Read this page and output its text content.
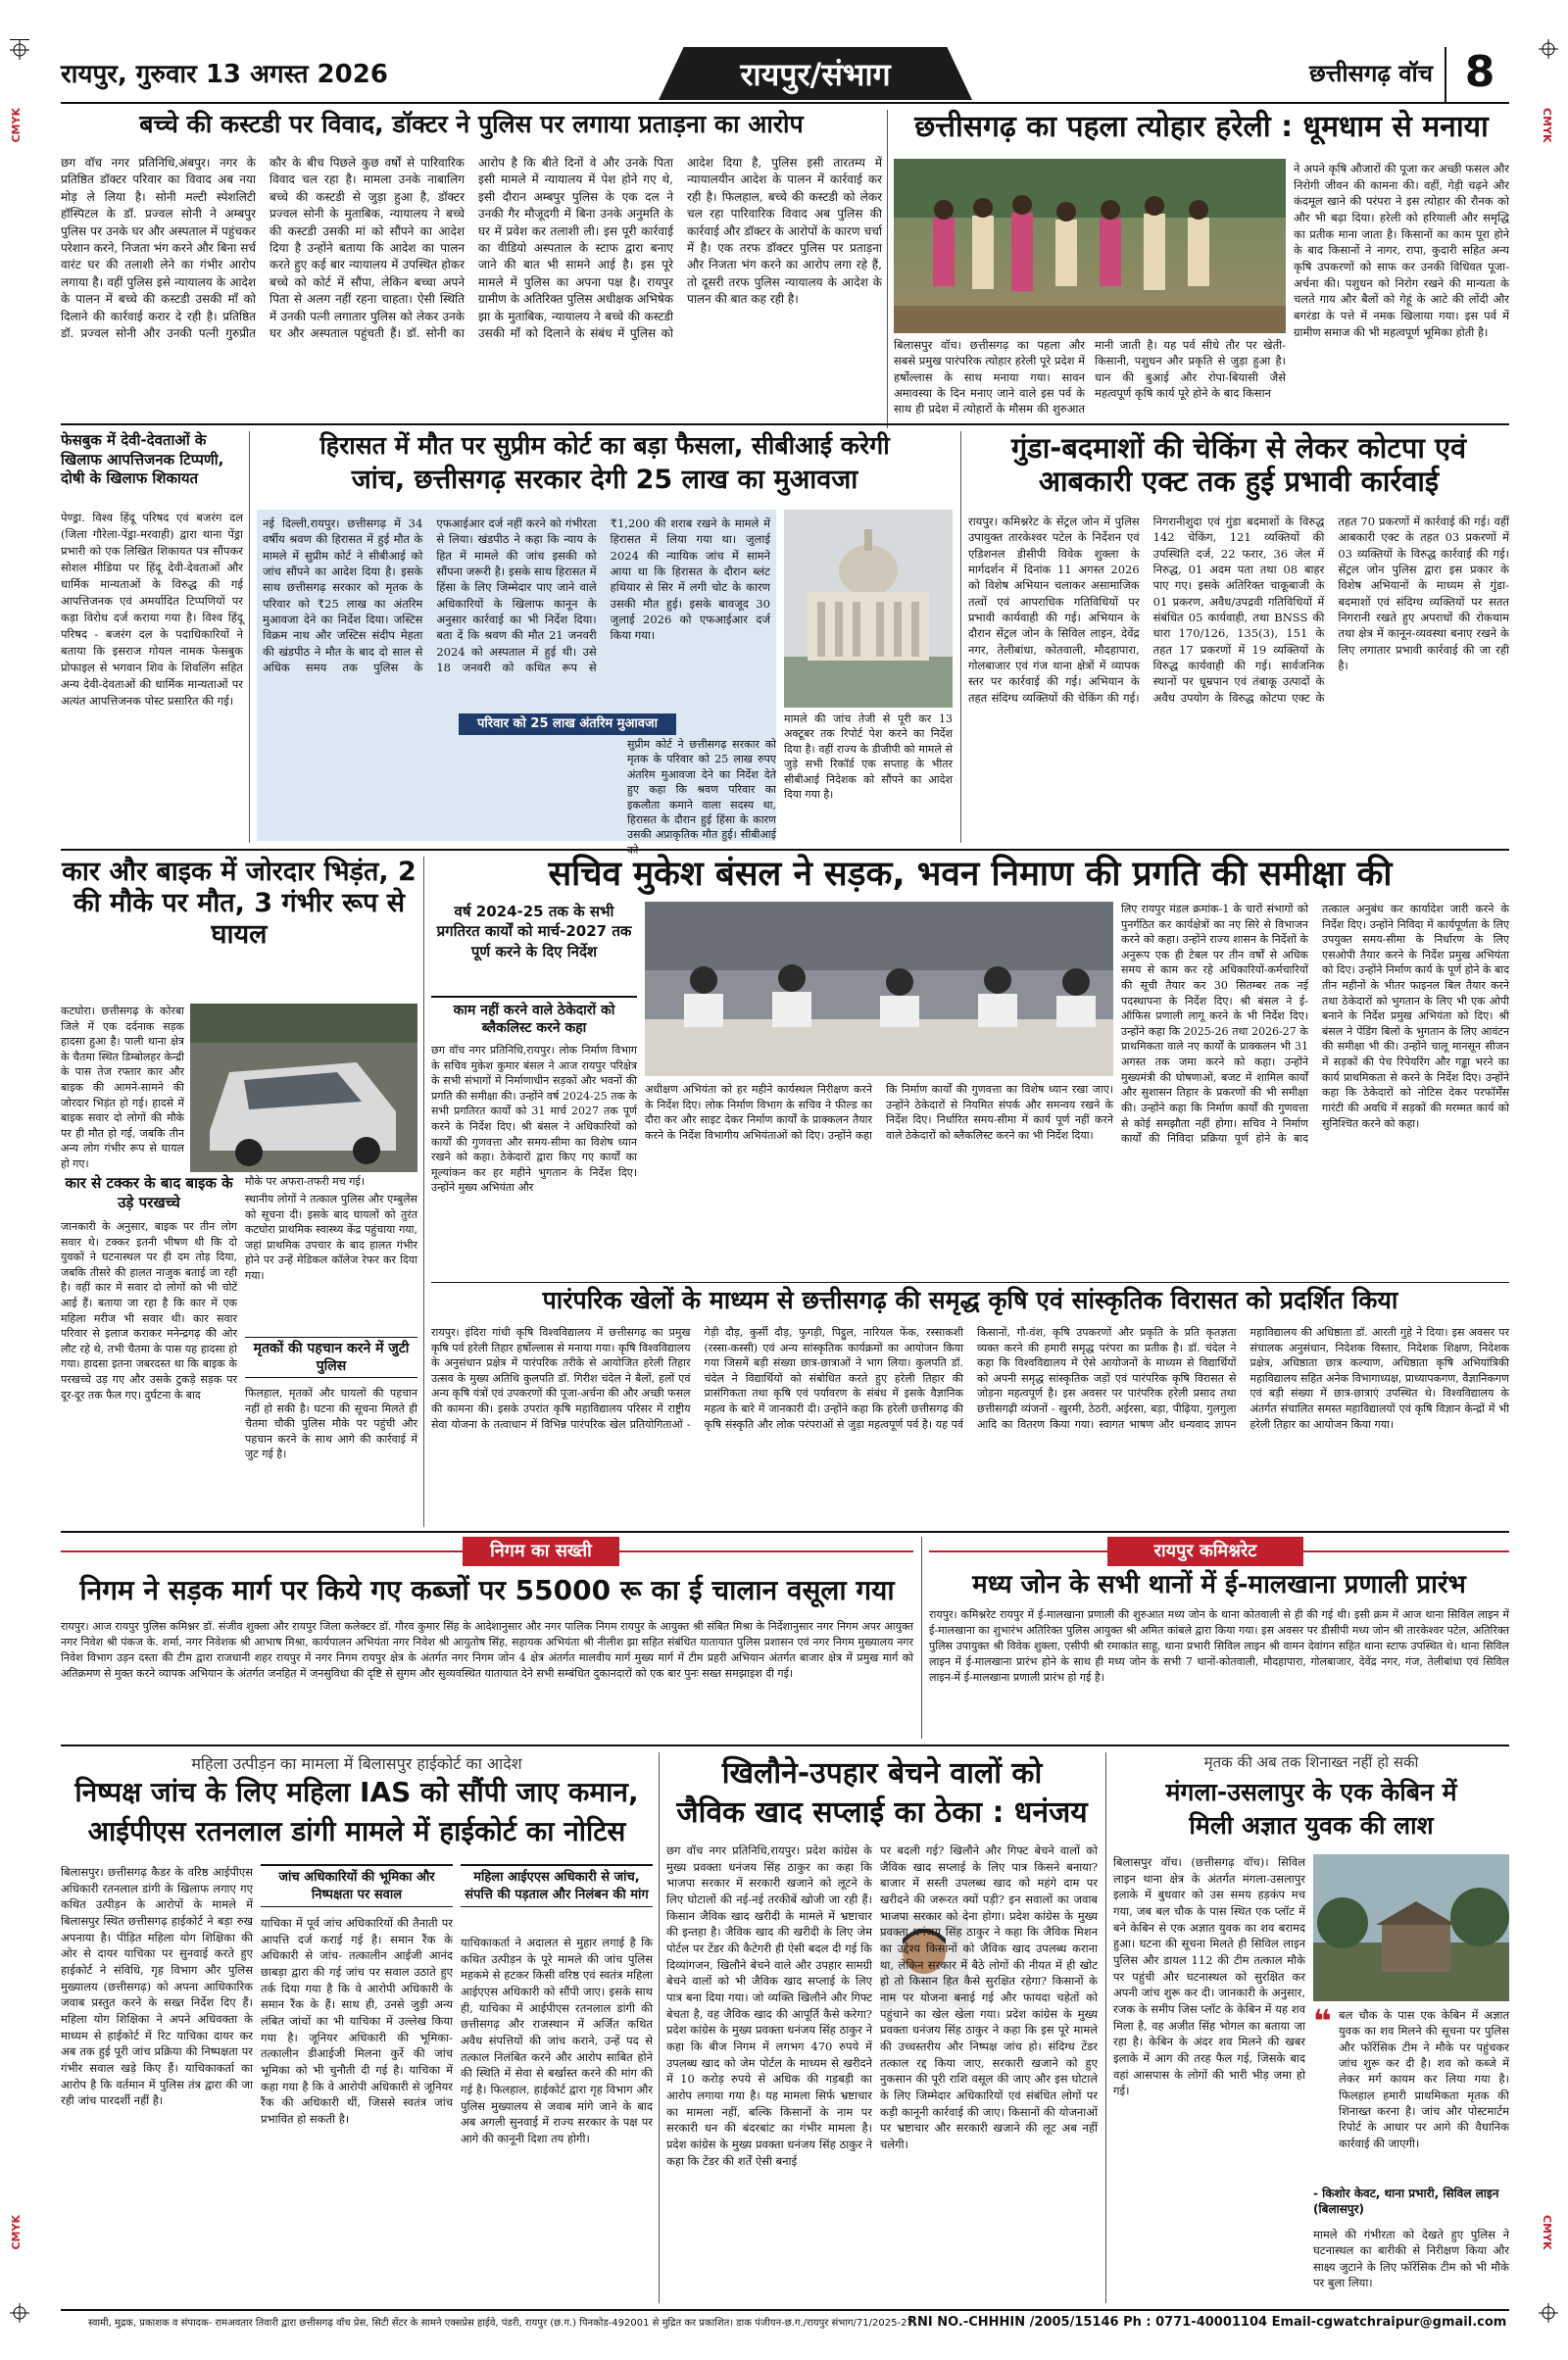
CMYK
CMYK
CMYK
CMYK
रायपुर, गुरुवार 13 अगस्त 2026	रायपुर/संभाग	छत्तीसगढ़ वॉच 8
बच्चे की कस्टडी पर विवाद, डॉक्टर ने पुलिस पर लगाया प्रताड़ना का आरोप
छग वॉच नगर प्रतिनिधि,अंबपुर। नगर के प्रतिष्ठित डॉक्टर परिवार का विवाद अब नया मोड़ ले लिया है। सोनी मल्टी स्पेशलिटी हॉस्पिटल के डॉ. प्रज्वल सोनी ने अम्बपुर पुलिस पर उनके घर और अस्पताल में पहुंचकर परेशान करने, निजता भंग करने और बिना सर्च वारंट घर की तलाशी लेने का गंभीर आरोप लगाया है। वहीं पुलिस इसे न्यायालय के आदेश के पालन में बच्चे की कस्टडी उसकी माँ को दिलाने की कार्रवाई करार दे रही है। प्रतिष्ठित डॉ. प्रज्वल सोनी और उनकी पत्नी गुरुप्रीत कौर के बीच पिछले कुछ वर्षों से पारिवारिक विवाद चल रहा है। मामला उनके नाबालिग बच्चे की कस्टडी से जुड़ा हुआ है, डॉक्टर प्रज्वल सोनी के मुताबिक, न्यायालय ने बच्चे की कस्टडी उसकी मां को सौंपने का आदेश दिया है उन्होंने बताया कि आदेश का पालन करते हुए कई बार न्यायालय में उपस्थित होकर बच्चे को कोर्ट में सौंपा, लेकिन बच्चा अपने पिता से अलग नहीं रहना चाहता। ऐसी स्थिति में उनकी पत्नी लगातार पुलिस को लेकर उनके घर और अस्पताल पहुंचती हैं। डॉ. सोनी का आरोप है कि बीते दिनों वे और उनके पिता इसी मामले में न्यायालय में पेश होने गए थे, इसी दौरान अम्बपुर पुलिस के एक दल ने उनकी गैर मौजूदगी में बिना उनके अनुमति के घर में प्रवेश कर तलाशी ली। इस पूरी कार्रवाई का वीडियो अस्पताल के स्टाफ द्वारा बनाए जाने की बात भी सामने आई है। इस पूरे मामले में पुलिस का अपना पक्ष है। रायपुर ग्रामीण के अतिरिक्त पुलिस अधीक्षक अभिषेक झा के मुताबिक, न्यायालय ने बच्चे की कस्टडी उसकी माँ को दिलाने के संबंध में पुलिस को आदेश दिया है, पुलिस इसी तारतम्य में न्यायालयीन आदेश के पालन में कार्रवाई कर रही है। फिलहाल, बच्चे की कस्टडी को लेकर चल रहा पारिवारिक विवाद अब पुलिस की कार्रवाई और डॉक्टर के आरोपों के कारण चर्चा में है। एक तरफ डॉक्टर पुलिस पर प्रताड़ना और निजता भंग करने का आरोप लगा रहे हैं, तो दूसरी तरफ पुलिस न्यायालय के आदेश के पालन की बात कह रही है।
छत्तीसगढ़ का पहला त्योहार हरेली : धूमधाम से मनाया
बिलासपुर वॉच। छत्तीसगढ़ का पहला और सबसे प्रमुख पारंपरिक त्योहार हरेली पूरे प्रदेश में हर्षोल्लास के साथ मनाया गया। सावन अमावस्या के दिन मनाए जाने वाले इस पर्व के साथ ही प्रदेश में त्योहारों के मौसम की शुरुआत मानी जाती है। यह पर्व सीधे तौर पर खेती-किसानी, पशुधन और प्रकृति से जुड़ा हुआ है। धान की बुआई और रोपा-बियासी जैसे महत्वपूर्ण कृषि कार्य पूरे होने के बाद किसान
ने अपने कृषि औजारों की पूजा कर अच्छी फसल और निरोगी जीवन की कामना की। वहीं, गेड़ी चढ़ने और कंदमूल खाने की परंपरा ने इस त्योहार की रौनक को और भी बढ़ा दिया। हरेली को हरियाली और समृद्धि का प्रतीक माना जाता है। किसानों का काम पूरा होने के बाद किसानों ने नागर, रापा, कुदारी सहित अन्य कृषि उपकरणों को साफ कर उनकी विधिवत पूजा-अर्चना की। पशुधन को निरोग रखने की मान्यता के चलते गाय और बैलों को गेहूं के आटे की लोंदी और बगरंडा के पत्ते में नमक खिलाया गया। इस पर्व में ग्रामीण समाज की भी महत्वपूर्ण भूमिका होती है।
फेसबुक में देवी-देवताओं के खिलाफ आपत्तिजनक टिप्पणी, दोषी के खिलाफ शिकायत
पेण्ड्रा. विश्व हिंदू परिषद एवं बजरंग दल (जिला गौरेला-पेंड्रा-मरवाही) द्वारा थाना पेंड्रा प्रभारी को एक लिखित शिकायत पत्र सौंपकर सोशल मीडिया पर हिंदू देवी-देवताओं और धार्मिक मान्यताओं के विरुद्ध की गई आपत्तिजनक एवं अमर्यादित टिप्पणियों पर कड़ा विरोध दर्ज कराया गया है। विश्व हिंदू परिषद - बजरंग दल के पदाधिकारियों ने बताया कि इसराज गोयल नामक फेसबुक प्रोफाइल से भगवान शिव के शिवलिंग सहित अन्य देवी-देवताओं की धार्मिक मान्यताओं पर अत्यंत आपत्तिजनक पोस्ट प्रसारित की गई।
हिरासत में मौत पर सुप्रीम कोर्ट का बड़ा फैसला, सीबीआई करेगी
जांच, छत्तीसगढ़ सरकार देगी 25 लाख का मुआवजा
नई दिल्ली,रायपुर। छत्तीसगढ़ में 34 वर्षीय श्रवण की हिरासत में हुई मौत के मामले में सुप्रीम कोर्ट ने सीबीआई को जांच सौंपने का आदेश दिया है। इसके साथ छत्तीसगढ़ सरकार को मृतक के परिवार को ₹25 लाख का अंतरिम मुआवजा देने का निर्देश दिया। जस्टिस विक्रम नाथ और जस्टिस संदीप मेहता की खंडपीठ ने मौत के बाद दो साल से अधिक समय तक पुलिस के एफआईआर दर्ज नहीं करने को गंभीरता से लिया। खंडपीठ ने कहा कि न्याय के हित में मामले की जांच इसकी को सौंपना जरूरी है। इसके साथ हिरासत में हिंसा के लिए जिम्मेदार पाए जाने वाले अधिकारियों के खिलाफ कानून के अनुसार कार्रवाई का भी निर्देश दिया। बता दें कि श्रवण की मौत 21 जनवरी 2024 को अस्पताल में हुई थी। उसे 18 जनवरी को कथित रूप से ₹1,200 की शराब रखने के मामले में हिरासत में लिया गया था। जुलाई 2024 की न्यायिक जांच में सामने आया था कि हिरासत के दौरान ब्लंट हथियार से सिर में लगी चोट के कारण उसकी मौत हुई। इसके बावजूद 30 जुलाई 2026 को एफआईआर दर्ज किया गया।
परिवार को 25 लाख अंतरिम मुआवजा
सुप्रीम कोर्ट ने छत्तीसगढ़ सरकार को मृतक के परिवार को 25 लाख रुपए अंतरिम मुआवजा देने का निर्देश देते हुए कहा कि श्रवण परिवार का इकलौता कमाने वाला सदस्य था, हिरासत के दौरान हुई हिंसा के कारण उसकी अप्राकृतिक मौत हुई। सीबीआई
मामले की जांच तेजी से पूरी कर 13 अक्टूबर तक रिपोर्ट पेश करने का निर्देश दिया है। वहीं राज्य के डीजीपी को मामले से जुड़े सभी रिकॉर्ड एक सप्ताह के भीतर सीबीआई निदेशक को सौंपने का आदेश दिया गया है।
गुंडा-बदमाशों की चेकिंग से लेकर कोटपा एवं आबकारी एक्ट तक हुई प्रभावी कार्रवाई
रायपुर। कमिश्नरेट के सेंट्रल जोन में पुलिस उपायुक्त तारकेश्वर पटेल के निर्देशन एवं एडिशनल डीसीपी विवेक शुक्ला के मार्गदर्शन में दिनांक 11 अगस्त 2026 को विशेष अभियान चलाकर असामाजिक तत्वों एवं आपराधिक गतिविधियों पर प्रभावी कार्यवाही की गई। अभियान के दौरान सेंट्रल जोन के सिविल लाइन, देवेंद्र नगर, तेलीबांधा, कोतवाली, मौदहापारा, गोलबाजार एवं गंज थाना क्षेत्रों में व्यापक स्तर पर कार्रवाई की गई। अभियान के तहत संदिग्ध व्यक्तियों की चेकिंग की गई। निगरानीशुदा एवं गुंडा बदमाशों के विरुद्ध 142 चेकिंग, 121 व्यक्तियों की उपस्थिति दर्ज, 22 फरार, 36 जेल में निरुद्ध, 01 अदम पता तथा 08 बाहर पाए गए। इसके अतिरिक्त चाकूबाजी के 01 प्रकरण, अवैध/उपद्रवी गतिविधियों में संबंधित 05 कार्यवाही, तथा BNSS की धारा 170/126, 135(3), 151 के तहत 17 प्रकरणों में 19 व्यक्तियों के विरुद्ध कार्यवाही की गई। सार्वजनिक स्थानों पर धूम्रपान एवं तंबाकू उत्पादों के अवैध उपयोग के विरुद्ध कोटपा एक्ट के तहत 70 प्रकरणों में कार्रवाई की गई। वहीं आबकारी एक्ट के तहत 03 प्रकरणों में 03 व्यक्तियों के विरुद्ध कार्रवाई की गई। सेंट्रल जोन पुलिस द्वारा इस प्रकार के विशेष अभियानों के माध्यम से गुंडा-बदमाशों एवं संदिग्ध व्यक्तियों पर सतत निगरानी रखते हुए अपराधों की रोकथाम तथा क्षेत्र में कानून-व्यवस्था बनाए रखने के लिए लगातार प्रभावी कार्रवाई की जा रही है।
कार और बाइक में जोरदार भिड़ंत, 2 की मौके पर मौत, 3 गंभीर रूप से घायल
कटघोरा। छत्तीसगढ़ के कोरबा जिले में एक दर्दनाक सड़क हादसा हुआ है। पाली थाना क्षेत्र के चैतमा स्थित डिम्बोलहर केन्द्री के पास तेज रफ्तार कार और बाइक की आमने-सामने की जोरदार भिड़ंत हो गई। हादसे में बाइक सवार दो लोगों की मौके पर ही मौत हो गई, जबकि तीन अन्य लोग गंभीर रूप से घायल हो गए।
कार से टक्कर के बाद बाइक के उड़े परखच्चे
जानकारी के अनुसार, बाइक पर तीन लोग सवार थे। टक्कर इतनी भीषण थी कि दो युवकों ने घटनास्थल पर ही दम तोड़ दिया, जबकि तीसरे की हालत नाजुक बताई जा रही है। वहीं कार में सवार दो लोगों को भी चोटें आई हैं। बताया जा रहा है कि कार में एक महिला मरीज भी सवार थी। कार सवार परिवार से इलाज कराकर मनेन्द्रगढ़ की ओर लौट रहे थे, तभी चैतमा के पास यह हादसा हो गया। हादसा इतना जबरदस्त था कि बाइक के परखच्चे उड़ गए और उसके टुकड़े सड़क पर दूर-दूर तक फैल गए। दुर्घटना के बाद
मौके पर अफरा-तफरी मच गई।
स्थानीय लोगों ने तत्काल पुलिस और एम्बुलेंस को सूचना दी। इसके बाद घायलों को तुरंत कटघोरा प्राथमिक स्वास्थ्य केंद्र पहुंचाया गया, जहां प्राथमिक उपचार के बाद हालत गंभीर होने पर उन्हें मेडिकल कॉलेज रेफर कर दिया गया।
मृतकों की पहचान करने में जुटी पुलिस
फिलहाल, मृतकों और घायलों की पहचान नहीं हो सकी है। घटना की सूचना मिलते ही चैतमा चौकी पुलिस मौके पर पहुंची और पहचान करने के साथ आगे की कार्रवाई में जुट गई है।
सचिव मुकेश बंसल ने सड़क, भवन निमाण की प्रगति की समीक्षा की
वर्ष 2024-25 तक के सभी प्रगतिरत कार्यों को मार्च-2027 तक पूर्ण करने के दिए निर्देश
काम नहीं करने वाले ठेकेदारों को ब्लैकलिस्ट करने कहा
छग वॉच नगर प्रतिनिधि,रायपुर। लोक निर्माण विभाग के सचिव मुकेश कुमार बंसल ने आज रायपुर परिक्षेत्र के सभी संभागों में निर्माणाधीन सड़कों और भवनों की प्रगति की समीक्षा की। उन्होंने वर्ष 2024-25 तक के सभी प्रगतिरत कार्यों को 31 मार्च 2027 तक पूर्ण करने के निर्देश दिए। श्री बंसल ने अधिकारियों को कार्यों की गुणवत्ता और समय-सीमा का विशेष ध्यान रखने को कहा। ठेकेदारों द्वारा किए गए कार्यों का मूल्यांकन कर हर महीने भुगतान के निर्देश दिए। उन्होंने मुख्य अभियंता और
अधीक्षण अभियंता को हर महीने कार्यस्थल निरीक्षण करने के निर्देश दिए। लोक निर्माण विभाग के सचिव ने फील्ड का दौरा कर और साइट देकर निर्माण कार्यों के प्राक्कलन तैयार करने के निर्देश विभागीय अभियंताओं को दिए। उन्होंने कहा कि निर्माण कार्यों की गुणवत्ता का विशेष ध्यान रखा जाए। उन्होंने ठेकेदारों से नियमित संपर्क और समन्वय रखने के निर्देश दिए। निर्धारित समय-सीमा में कार्य पूर्ण नहीं करने वाले ठेकेदारों को ब्लैकलिस्ट करने का भी निर्देश दिया।
लिए रायपुर मंडल क्रमांक-1 के चारों संभागों को पुनर्गठित कर कार्यक्षेत्रों का नए सिरे से विभाजन करने को कहा। उन्होंने राज्य शासन के निर्देशों के अनुरूप एक ही टेबल पर तीन वर्षों से अधिक समय से काम कर रहे अधिकारियों-कर्मचारियों की सूची तैयार कर 30 सितम्बर तक नई पदस्थापना के निर्देश दिए। श्री बंसल ने ई-ऑफिस प्रणाली लागू करने के भी निर्देश दिए। उन्होंने कहा कि 2025-26 तथा 2026-27 के प्राथमिकता वाले नए कार्यों के प्राक्कलन भी 31 अगस्त तक जमा करने को कहा। उन्होंने मुख्यमंत्री की घोषणाओं, बजट में शामिल कार्यों और सुशासन तिहार के प्रकरणों की भी समीक्षा की। उन्होंने कहा कि निर्माण कार्यों की गुणवत्ता से कोई समझौता नहीं होगा। सचिव ने निर्माण कार्यों की निविदा प्रक्रिया पूर्ण होने के बाद तत्काल अनुबंध कर कार्यादेश जारी करने के निर्देश दिए। उन्होंने निविदा में कार्यपूर्णता के लिए उपयुक्त समय-सीमा के निर्धारण के लिए एसओपी तैयार करने के निर्देश प्रमुख अभियंता को दिए। उन्होंने निर्माण कार्य के पूर्ण होने के बाद तीन महीनों के भीतर फाइनल बिल तैयार करने तथा ठेकेदारों को भुगतान के लिए भी एक ओपी बनाने के निर्देश प्रमुख अभियंता को दिए। श्री बंसल ने पेंडिंग बिलों के भुगतान के लिए आवंटन की समीक्षा भी की। उन्होंने चालू मानसून सीजन में सड़कों की पेच रिपेयरिंग और गड्ढा भरने का कार्य प्राथमिकता से करने के निर्देश दिए। उन्होंने कहा कि ठेकेदारों को नोटिस देकर परफॉर्मेंस गारंटी की अवधि में सड़कों की मरम्मत कार्य को सुनिश्चित करने को कहा।
पारंपरिक खेलों के माध्यम से छत्तीसगढ़ की समृद्ध कृषि एवं सांस्कृतिक विरासत को प्रदर्शित किया
रायपुर। इंदिरा गांधी कृषि विश्वविद्यालय में छत्तीसगढ़ का प्रमुख कृषि पर्व हरेली तिहार हर्षोल्लास से मनाया गया। कृषि विश्वविद्यालय के अनुसंधान प्रक्षेत्र में पारंपरिक तरीके से आयोजित हरेली तिहार उत्सव के मुख्य अतिथि कुलपति डॉ. गिरीश चंदेल ने बैलों, हलों एवं अन्य कृषि यंत्रों एवं उपकरणों की पूजा-अर्चना की और अच्छी फसल की कामना की। इसके उपरांत कृषि महाविद्यालय परिसर में राष्ट्रीय सेवा योजना के तत्वाधान में विभिन्न पारंपरिक खेल प्रतियोगिताओं - गेड़ी दौड़, कुर्सी दौड़, फुगड़ी, पिट्ठुल, नारियल फेंक, रस्साकशी (रस्सा-कस्सी) एवं अन्य सांस्कृतिक कार्यक्रमों का आयोजन किया गया जिसमें बड़ी संख्या छात्र-छात्राओं ने भाग लिया। कुलपति डॉ. चंदेल ने विद्यार्थियों को संबोधित करते हुए हरेली तिहार की प्रासंगिकता तथा कृषि एवं पर्यावरण के संबंध में इसके वैज्ञानिक महत्व के बारे में जानकारी दी। उन्होंने कहा कि हरेली छत्तीसगढ़ की कृषि संस्कृति और लोक परंपराओं से जुड़ा महत्वपूर्ण पर्व है। यह पर्व किसानों, गौ-वंश, कृषि उपकरणों और प्रकृति के प्रति कृतज्ञता व्यक्त करने की हमारी समृद्ध परंपरा का प्रतीक है। डॉ. चंदेल ने कहा कि विश्वविद्यालय में ऐसे आयोजनों के माध्यम से विद्यार्थियों को अपनी समृद्ध सांस्कृतिक जड़ों एवं पारंपरिक कृषि विरासत से जोड़ना महत्वपूर्ण है। इस अवसर पर पारंपरिक हरेली प्रसाद तथा छत्तीसगढ़ी व्यंजनों - खुरमी, ठेठरी, अईरसा, बड़ा, पीढ़िया, गुलगुला आदि का वितरण किया गया। स्वागत भाषण और धन्यवाद ज्ञापन महाविद्यालय की अधिष्ठाता डॉ. आरती गुहे ने दिया। इस अवसर पर संचालक अनुसंधान, निदेशक विस्तार, निदेशक शिक्षण, निदेशक प्रक्षेत्र, अधिष्ठाता छात्र कल्याण, अधिष्ठाता कृषि अभियांत्रिकी महाविद्यालय सहित अनेक विभागाध्यक्ष, प्राध्यापकगण, वैज्ञानिकगण एवं बड़ी संख्या में छात्र-छात्राएं उपस्थित थे। विश्वविद्यालय के अंतर्गत संचालित समस्त महाविद्यालयों एवं कृषि विज्ञान केन्द्रों में भी हरेली तिहार का आयोजन किया गया।
निगम का सख्ती
निगम ने सड़क मार्ग पर किये गए कब्जों पर 55000 रू का ई चालान वसूला गया
रायपुर। आज रायपुर पुलिस कमिश्नर डॉ. संजीव शुक्ला और रायपुर जिला कलेक्टर डॉ. गौरव कुमार सिंह के आदेशानुसार और नगर पालिक निगम रायपुर के आयुक्त श्री संबित मिश्रा के निर्देशानुसार नगर निगम अपर आयुक्त नगर निवेश श्री पंकज के. शर्मा, नगर निवेशक श्री आभाष मिश्रा, कार्यपालन अभियंता नगर निवेश श्री आयुतोष सिंह, सहायक अभियंता श्री नीलीश झा सहित संबंधित यातायात पुलिस प्रशासन एवं नगर निगम मुख्यालय नगर निवेश विभाग उड़न दस्ता की टीम द्वारा राजधानी शहर रायपुर में नगर निगम रायपुर क्षेत्र के अंतर्गत नगर निगम जोन 4 क्षेत्र अंतर्गत मालवीय मार्ग मुख्य मार्ग में टीम प्रहरी अभियान अंतर्गत बाजार क्षेत्र में प्रमुख मार्ग को अतिक्रमण से मुक्त करने व्यापक अभियान के अंतर्गत जनहित में जनसुविधा की दृष्टि से सुगम और सुव्यवस्थित यातायात देने सभी सम्बंधित दुकानदारों को एक बार पुनः सख्त समझाइश दी गई।
रायपुर कमिश्नरेट
मध्य जोन के सभी थानों में ई-मालखाना प्रणाली प्रारंभ
रायपुर। कमिश्नरेट रायपुर में ई-मालखाना प्रणाली की शुरुआत मध्य जोन के थाना कोतवाली से ही की गई थी। इसी क्रम में आज थाना सिविल लाइन में ई-मालखाना का शुभारंभ अतिरिक्त पुलिस आयुक्त श्री अमित कांबले द्वारा किया गया। इस अवसर पर डीसीपी मध्य जोन श्री तारकेश्वर पटेल, अतिरिक्त पुलिस उपायुक्त श्री विवेक शुक्ला, एसीपी श्री रमाकांत साहू, थाना प्रभारी सिविल लाइन श्री वामन देवांगन सहित थाना स्टाफ उपस्थित थे। थाना सिविल लाइन में ई-मालखाना प्रारंभ होने के साथ ही मध्य जोन के सभी 7 थानों-कोतवाली, मौदहापारा, गोलबाजार, देवेंद्र नगर, गंज, तेलीबांधा एवं सिविल लाइन-में ई-मालखाना प्रणाली प्रारंभ हो गई है।
महिला उत्पीड़न का मामला में बिलासपुर हाईकोर्ट का आदेश
निष्पक्ष जांच के लिए महिला IAS को सौंपी जाए कमान,
आईपीएस रतनलाल डांगी मामले में हाईकोर्ट का नोटिस
बिलासपुर। छत्तीसगढ़ कैडर के वरिष्ठ आईपीएस अधिकारी रतनलाल डांगी के खिलाफ लगाए गए कथित उत्पीड़न के आरोपों के मामले में बिलासपुर स्थित छत्तीसगढ़ हाईकोर्ट ने बड़ा रुख अपनाया है। पीड़ित महिला योग शिक्षिका की ओर से दायर याचिका पर सुनवाई करते हुए हाईकोर्ट ने संविधि, गृह विभाग और पुलिस मुख्यालय (छत्तीसगढ़) को अपना आधिकारिक जवाब प्रस्तुत करने के सख्त निर्देश दिए हैं। महिला योग शिक्षिका ने अपने अधिवक्ता के माध्यम से हाईकोर्ट में रिट याचिका दायर कर अब तक हुई पूरी जांच प्रक्रिया की निष्पक्षता पर गंभीर सवाल खड़े किए हैं। याचिकाकर्ता का आरोप है कि वर्तमान में पुलिस तंत्र द्वारा की जा रही जांच पारदर्शी नहीं है।
जांच अधिकारियों की भूमिका और निष्पक्षता पर सवाल
याचिका में पूर्व जांच अधिकारियों की तैनाती पर आपत्ति दर्ज कराई गई है। समान रैंक के अधिकारी से जांच- तत्कालीन आईजी आनंद छाबड़ा द्वारा की गई जांच पर सवाल उठाते हुए तर्क दिया गया है कि वे आरोपी अधिकारी के समान रैंक के हैं। साथ ही, उनसे जुड़ी अन्य लंबित जांचों का भी याचिका में उल्लेख किया गया है। जूनियर अधिकारी की भूमिका- तत्कालीन डीआईजी मिलना कुर्रे की जांच भूमिका को भी चुनौती दी गई है। याचिका में कहा गया है कि वे आरोपी अधिकारी से जूनियर रैंक की अधिकारी थीं, जिससे स्वतंत्र जांच प्रभावित हो सकती है।
महिला आईएएस अधिकारी से जांच, संपत्ति की पड़ताल और निलंबन की मांग
याचिकाकर्ता ने अदालत से मुहार लगाई है कि कथित उत्पीड़न के पूरे मामले की जांच पुलिस महकमे से हटकर किसी वरिष्ठ एवं स्वतंत्र महिला आईएएस अधिकारी को सौंपी जाए। इसके साथ ही, याचिका में आईपीएस रतनलाल डांगी की छत्तीसगढ़ और राजस्थान में अर्जित कथित अवैध संपत्तियों की जांच कराने, उन्हें पद से तत्काल निलंबित करने और आरोप साबित होने की स्थिति में सेवा से बर्खास्त करने की मांग की गई है। फिलहाल, हाईकोर्ट द्वारा गृह विभाग और पुलिस मुख्यालय से जवाब मांगे जाने के बाद अब अगली सुनवाई में राज्य सरकार के पक्ष पर आगे की कानूनी दिशा तय होगी।
खिलौने-उपहार बेचने वालों को
जैविक खाद सप्लाई का ठेका : धनंजय
छग वॉच नगर प्रतिनिधि,रायपुर। प्रदेश कांग्रेस के मुख्य प्रवक्ता धनंजय सिंह ठाकुर का कहा कि भाजपा सरकार में सरकारी खजाने को लूटने के लिए घोटालों की नई-नई तरकीबें खोजी जा रही हैं। किसान जैविक खाद खरीदी के मामले में भ्रष्टाचार की इन्तहा है। जैविक खाद की खरीदी के लिए जेम पोर्टल पर टेंडर की कैटेगरी ही ऐसी बदल दी गई कि दिव्यांगजन, खिलौने बेचने वाले और उपहार सामग्री बेचने वालों को भी जैविक खाद सप्लाई के लिए पात्र बना दिया गया। जो व्यक्ति खिलौने और गिफ्ट बेचता है, वह जैविक खाद की आपूर्ति कैसे करेगा? प्रदेश कांग्रेस के मुख्य प्रवक्ता धनंजय सिंह ठाकुर ने कहा कि बीज निगम में लगभग 470 रुपये में उपलब्ध खाद को जेम पोर्टल के माध्यम से खरीदने में 10 करोड़ रुपये से अधिक की गड़बड़ी का आरोप लगाया गया है। यह मामला सिर्फ भ्रष्टाचार का मामला नहीं, बल्कि किसानों के नाम पर सरकारी धन की बंदरबांट का गंभीर मामला है। प्रदेश कांग्रेस के मुख्य प्रवक्ता धनंजय सिंह ठाकुर ने कहा कि टेंडर की शर्तें ऐसी बनाई
पर बदली गई? खिलौने और गिफ्ट बेचने वालों को जैविक खाद सप्लाई के लिए पात्र किसने बनाया? बाजार में सस्ती उपलब्ध खाद को महंगे दाम पर खरीदने की जरूरत क्यों पड़ी? इन सवालों का जवाब भाजपा सरकार को देना होगा। प्रदेश कांग्रेस के मुख्य प्रवक्ता धनंजय सिंह ठाकुर ने कहा कि जैविक मिशन का उद्देश्य किसानों को जैविक खाद उपलब्ध कराना था, लेकिन सरकार में बैठे लोगों की नीयत में ही खोट हो तो किसान हित कैसे सुरक्षित रहेगा? किसानों के नाम पर योजना बनाई गई और फायदा चहेतों को पहुंचाने का खेल खेला गया। प्रदेश कांग्रेस के मुख्य प्रवक्ता धनंजय सिंह ठाकुर ने कहा कि इस पूरे मामले की उच्चस्तरीय और निष्पक्ष जांच हो। संदिग्ध टेंडर तत्काल रद्द किया जाए, सरकारी खजाने को हुए नुकसान की पूरी राशि वसूल की जाए और इस घोटाले के लिए जिम्मेदार अधिकारियों एवं संबंधित लोगों पर कड़ी कानूनी कार्रवाई की जाए। किसानों की योजनाओं पर भ्रष्टाचार और सरकारी खजाने की लूट अब नहीं चलेगी।
मृतक की अब तक शिनाख्त नहीं हो सकी
मंगला-उसलापुर के एक केबिन में
मिली अज्ञात युवक की लाश
बिलासपुर वॉच। (छत्तीसगढ़ वॉच)। सिविल लाइन थाना क्षेत्र के अंतर्गत मंगला-उसलापुर इलाके में बुधवार को उस समय हड़कंप मच गया, जब बल चौक के पास स्थित एक प्लॉट में बने केबिन से एक अज्ञात युवक का शव बरामद हुआ। घटना की सूचना मिलते ही सिविल लाइन पुलिस और डायल 112 की टीम तत्काल मौके पर पहुंची और घटनास्थल को सुरक्षित कर अपनी जांच शुरू कर दी। जानकारी के अनुसार, रजक के समीप जिस प्लॉट के केबिन में यह शव मिला है, वह अजीत सिंह भोगल का बताया जा रहा है। केबिन के अंदर शव मिलने की खबर इलाके में आग की तरह फैल गई, जिसके बाद वहां आसपास के लोगों की भारी भीड़ जमा हो गई।
❝ बल चौक के पास एक केबिन में अज्ञात युवक का शव मिलने की सूचना पर पुलिस और फॉरेंसिक टीम ने मौके पर पहुंचकर जांच शुरू कर दी है। शव को कब्जे में लेकर मर्ग कायम कर लिया गया है। फिलहाल हमारी प्राथमिकता मृतक की शिनाख्त करना है। जांच और पोस्टमार्टम रिपोर्ट के आधार पर आगे की वैधानिक कार्रवाई की जाएगी।
- किशोर केवट, थाना प्रभारी, सिविल लाइन (बिलासपुर)
मामले की गंभीरता को देखते हुए पुलिस ने घटनास्थल का बारीकी से निरीक्षण किया और साक्ष्य जुटाने के लिए फॉरेंसिक टीम को भी मौके पर बुला लिया।
स्वामी, मुद्रक, प्रकाशक व संपादक- रामअवतार तिवारी द्वारा छत्तीसगढ़ वॉच प्रेस, सिटी सेंटर के सामने एक्सप्रेस हाईवे, पंडरी, रायपुर (छ.ग.) पिनकोड-492001 से मुद्रित कर प्रकाशित। डाक पंजीयन-छ.ग./रायपुर संभाग/71/2025-27,
RNI NO.-CHHHIN /2005/15146 Ph : 0771-40001104 Email-cgwatchraipur@gmail.com
